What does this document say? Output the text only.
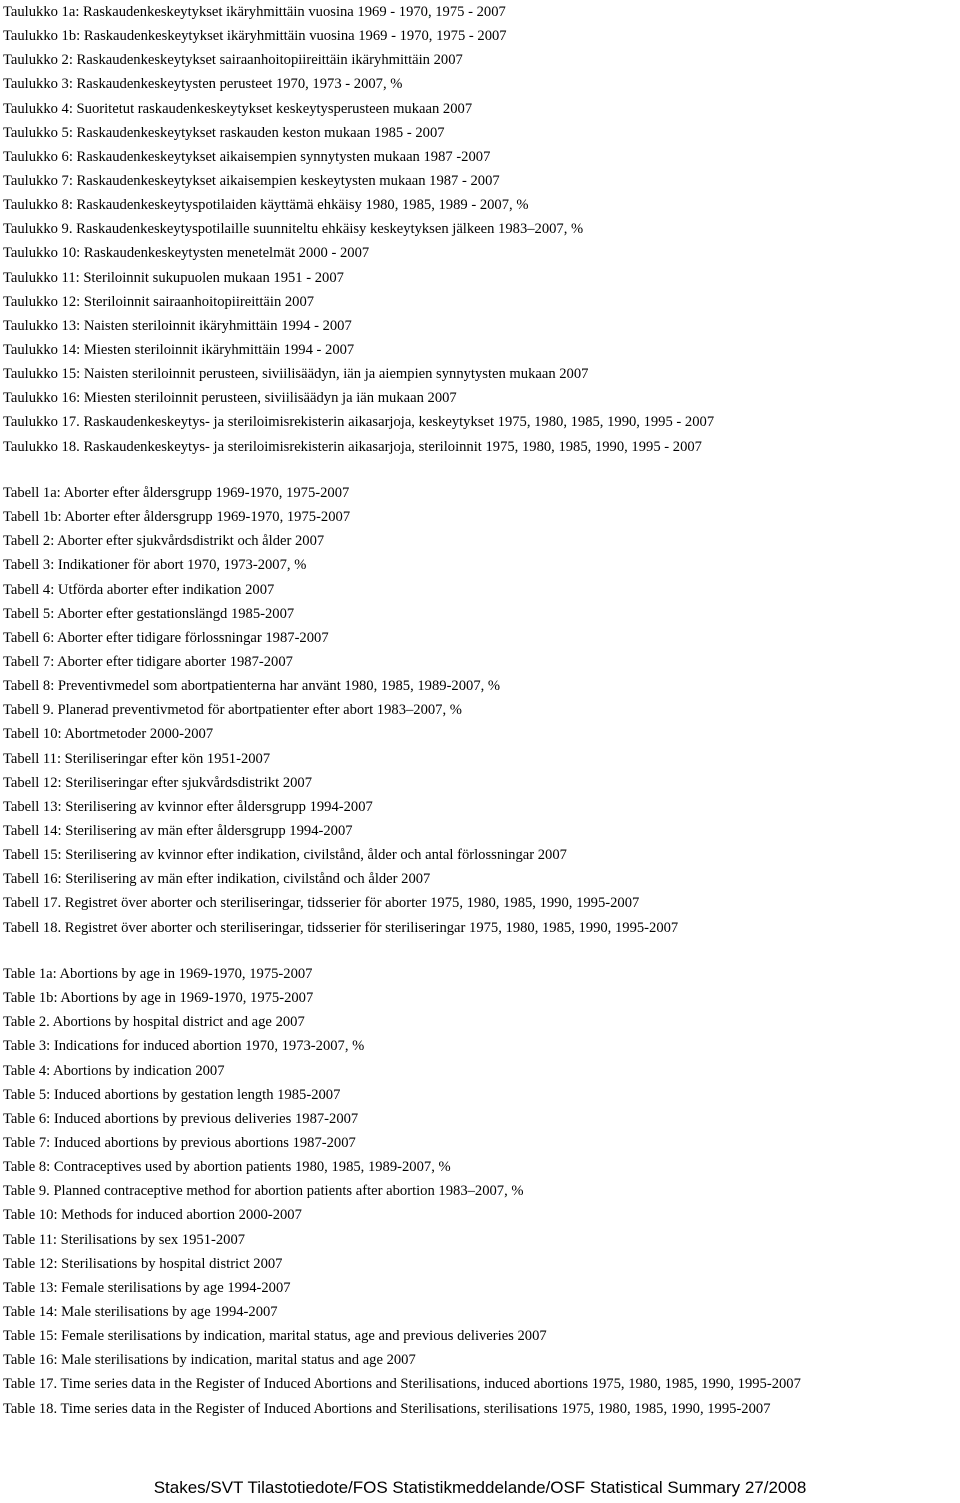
Taulukko 1a: Raskaudenkeskeytykset ikäryhmittäin vuosina 1969 - 1970, 1975 - 2007
Taulukko 1b: Raskaudenkeskeytykset ikäryhmittäin vuosina 1969 - 1970, 1975 - 2007
Taulukko 2: Raskaudenkeskeytykset sairaanhoitopiireittäin ikäryhmittäin 2007
Taulukko 3: Raskaudenkeskeytysten perusteet 1970, 1973 - 2007, %
Taulukko 4: Suoritetut raskaudenkeskeytykset keskeytysperusteen mukaan 2007
Taulukko 5: Raskaudenkeskeytykset raskauden keston mukaan 1985 - 2007
Taulukko 6: Raskaudenkeskeytykset aikaisempien synnytysten mukaan 1987 -2007
Taulukko 7: Raskaudenkeskeytykset aikaisempien keskeytysten mukaan 1987 - 2007
Taulukko 8: Raskaudenkeskeytyspotilaiden käyttämä ehkäisy 1980, 1985, 1989 - 2007, %
Taulukko 9. Raskaudenkeskeytyspotilaille suunniteltu ehkäisy keskeytyksen jälkeen 1983–2007, %
Taulukko 10: Raskaudenkeskeytysten menetelmät 2000 - 2007
Taulukko 11: Steriloinnit sukupuolen mukaan 1951 - 2007
Taulukko 12: Steriloinnit sairaanhoitopiireittäin 2007
Taulukko 13: Naisten steriloinnit ikäryhmittäin 1994 - 2007
Taulukko 14: Miesten steriloinnit ikäryhmittäin 1994 - 2007
Taulukko 15: Naisten steriloinnit perusteen, siviilisäädyn, iän ja aiempien synnytysten mukaan 2007
Taulukko 16: Miesten steriloinnit perusteen, siviilisäädyn ja iän mukaan 2007
Taulukko 17. Raskaudenkeskeytys- ja steriloimisrekisterin aikasarjoja, keskeytykset 1975, 1980, 1985, 1990, 1995 - 2007
Taulukko 18. Raskaudenkeskeytys- ja steriloimisrekisterin aikasarjoja, steriloinnit 1975, 1980, 1985, 1990, 1995 - 2007
Tabell 1a: Aborter efter åldersgrupp 1969-1970, 1975-2007
Tabell 1b: Aborter efter åldersgrupp 1969-1970, 1975-2007
Tabell 2: Aborter efter sjukvårdsdistrikt och ålder 2007
Tabell 3: Indikationer för abort 1970, 1973-2007, %
Tabell 4: Utförda aborter efter indikation 2007
Tabell 5: Aborter efter gestationslängd 1985-2007
Tabell 6: Aborter efter tidigare förlossningar 1987-2007
Tabell 7: Aborter efter tidigare aborter 1987-2007
Tabell 8: Preventivmedel som abortpatienterna har använt 1980, 1985, 1989-2007, %
Tabell 9. Planerad preventivmetod för abortpatienter efter abort 1983–2007, %
Tabell 10: Abortmetoder 2000-2007
Tabell 11: Steriliseringar efter kön 1951-2007
Tabell 12: Steriliseringar efter sjukvårdsdistrikt 2007
Tabell 13: Sterilisering av kvinnor efter åldersgrupp 1994-2007
Tabell 14: Sterilisering av män efter åldersgrupp 1994-2007
Tabell 15: Sterilisering av kvinnor efter indikation, civilstånd, ålder och antal förlossningar 2007
Tabell 16: Sterilisering av män efter indikation, civilstånd och ålder 2007
Tabell 17. Registret över aborter och steriliseringar, tidsserier för aborter 1975, 1980, 1985, 1990, 1995-2007
Tabell 18. Registret över aborter och steriliseringar, tidsserier för steriliseringar 1975, 1980, 1985, 1990, 1995-2007
Table 1a: Abortions by age in 1969-1970, 1975-2007
Table 1b: Abortions by age in 1969-1970, 1975-2007
Table 2. Abortions by hospital district and age 2007
Table 3: Indications for induced abortion 1970, 1973-2007, %
Table 4: Abortions by indication 2007
Table 5: Induced abortions by gestation length 1985-2007
Table 6: Induced abortions by previous deliveries 1987-2007
Table 7: Induced abortions by previous abortions 1987-2007
Table 8: Contraceptives used by abortion patients 1980, 1985, 1989-2007, %
Table 9. Planned contraceptive method for abortion patients after abortion 1983–2007, %
Table 10: Methods for induced abortion 2000-2007
Table 11: Sterilisations by sex 1951-2007
Table 12: Sterilisations by hospital district 2007
Table 13: Female sterilisations by age 1994-2007
Table 14: Male sterilisations by age 1994-2007
Table 15: Female sterilisations by indication, marital status, age and previous deliveries 2007
Table 16: Male sterilisations by indication, marital status and age 2007
Table 17. Time series data in the Register of Induced Abortions and Sterilisations, induced abortions 1975, 1980, 1985, 1990, 1995-2007
Table 18. Time series data in the Register of Induced Abortions and Sterilisations, sterilisations 1975, 1980, 1985, 1990, 1995-2007
Stakes/SVT Tilastotiedote/FOS Statistikmeddelande/OSF Statistical Summary 27/2008
